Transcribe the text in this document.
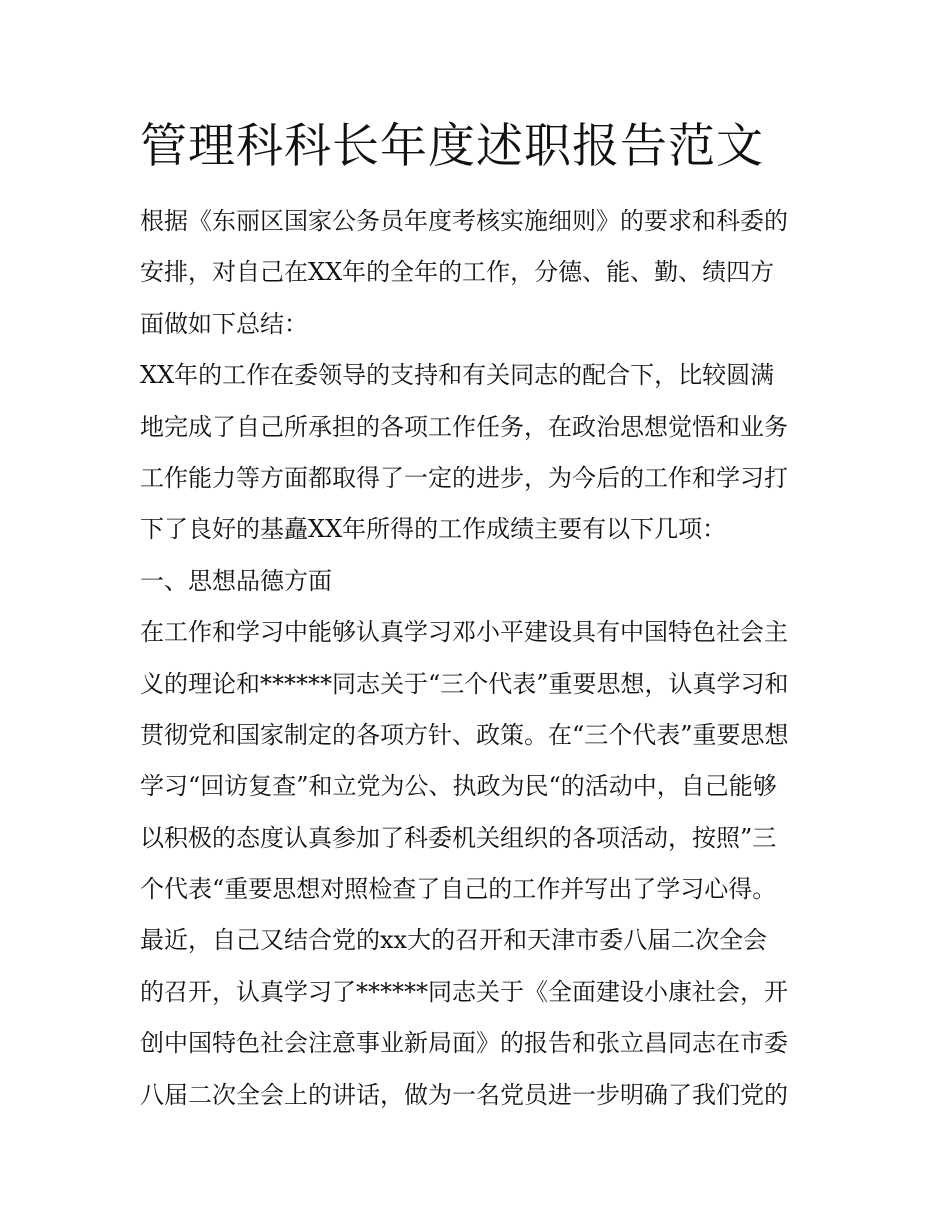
管理科科长年度述职报告范文
根据《东丽区国家公务员年度考核实施细则》的要求和科委的
安排，对自己在XX年的全年的工作，分德、能、勤、绩四方
面做如下总结：
XX年的工作在委领导的支持和有关同志的配合下，比较圆满
地完成了自己所承担的各项工作任务，在政治思想觉悟和业务
工作能力等方面都取得了一定的进步，为今后的工作和学习打
下了良好的基矗XX年所得的工作成绩主要有以下几项：
一、思想品德方面
在工作和学习中能够认真学习邓小平建设具有中国特色社会主
义的理论和******同志关于“三个代表”重要思想，认真学习和
贯彻党和国家制定的各项方针、政策。在“三个代表”重要思想
学习“回访复查”和立党为公、执政为民“的活动中，自己能够
以积极的态度认真参加了科委机关组织的各项活动，按照”三
个代表“重要思想对照检查了自己的工作并写出了学习心得。
最近，自己又结合党的xx大的召开和天津市委八届二次全会
的召开，认真学习了******同志关于《全面建设小康社会，开
创中国特色社会注意事业新局面》的报告和张立昌同志在市委
八届二次全会上的讲话，做为一名党员进一步明确了我们党的
